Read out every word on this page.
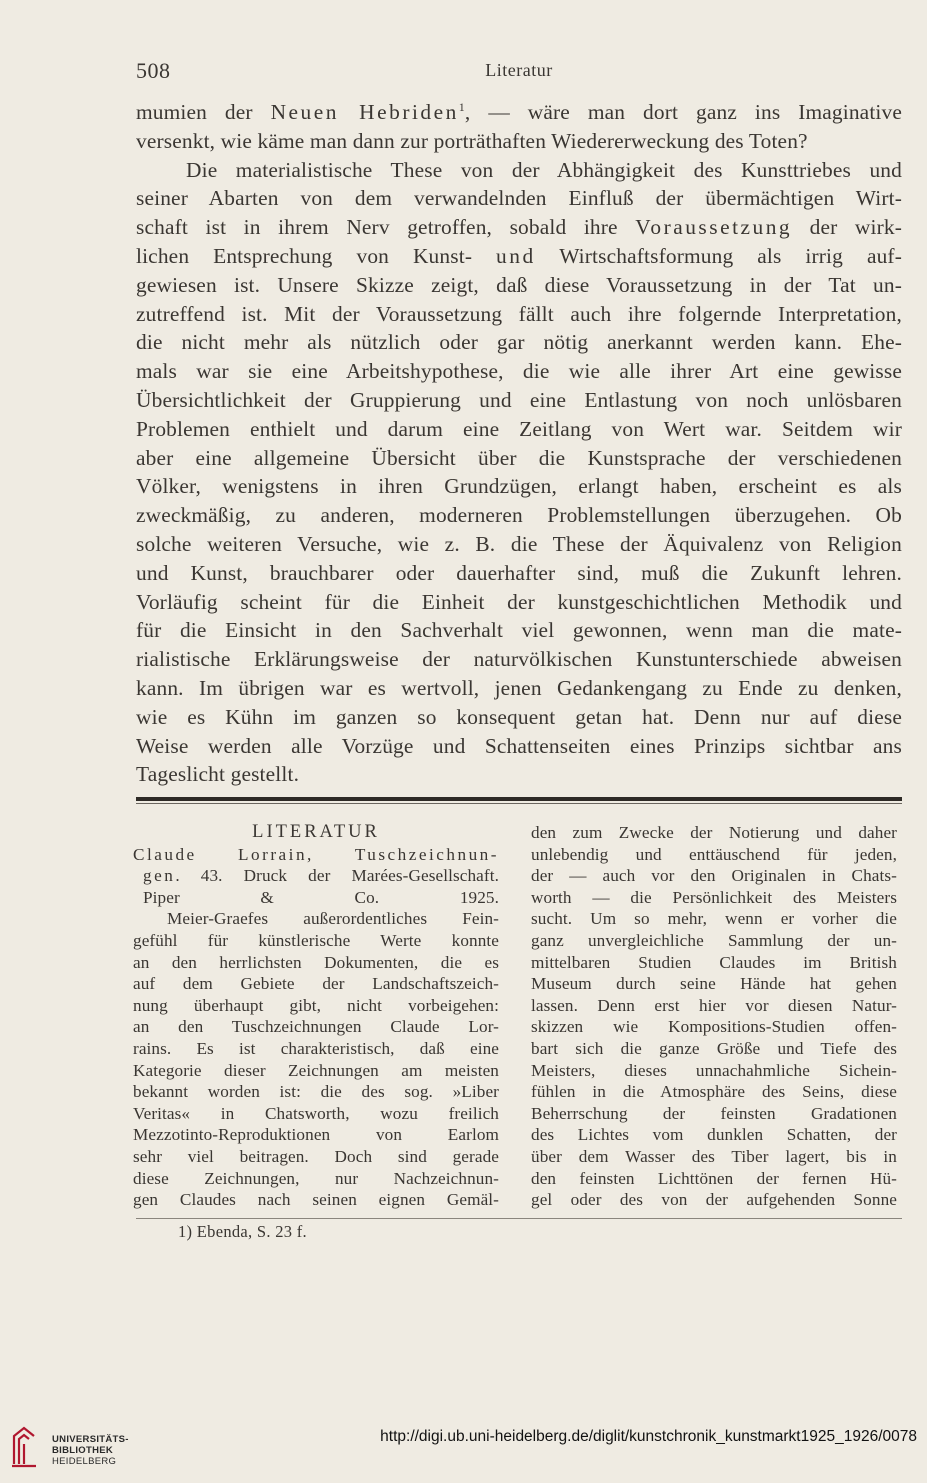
508	Literatur

mumien der Neuen Hebriden$^1$, — wäre man dort ganz ins Imaginative

versenkt, wie käme man dann zur porträthaften Wiedererweckung des Toten?

Die materialistische These von der Abhängigkeit des Kunsttriebes und

seiner Abarten von dem verwandelnden Einfluß der übermächtigen Wirt-

schaft ist in ihrem Nerv getroffen, sobald ihre Voraussetzung der wirk-

lichen Entsprechung von Kunst- und Wirtschaftsformung als irrig auf-

gewiesen ist. Unsere Skizze zeigt, daß diese Voraussetzung in der Tat un-

zutreffend ist. Mit der Voraussetzung fällt auch ihre folgernde Interpretation,

die nicht mehr als nützlich oder gar nötig anerkannt werden kann. Ehe-

mals war sie eine Arbeitshypothese, die wie alle ihrer Art eine gewisse

Übersichtlichkeit der Gruppierung und eine Entlastung von noch unlösbaren

Problemen enthielt und darum eine Zeitlang von Wert war. Seitdem wir

aber eine allgemeine Übersicht über die Kunstsprache der verschiedenen

Völker, wenigstens in ihren Grundzügen, erlangt haben, erscheint es als

zweckmäßig, zu anderen, moderneren Problemstellungen überzugehen. Ob

solche weiteren Versuche, wie z. B. die These der Äquivalenz von Religion

und Kunst, brauchbarer oder dauerhafter sind, muß die Zukunft lehren.

Vorläufig scheint für die Einheit der kunstgeschichtlichen Methodik und

für die Einsicht in den Sachverhalt viel gewonnen, wenn man die mate-

rialistische Erklärungsweise der naturvölkischen Kunstunterschiede abweisen

kann. Im übrigen war es wertvoll, jenen Gedankengang zu Ende zu denken,

wie es Kühn im ganzen so konsequent getan hat. Denn nur auf diese

Weise werden alle Vorzüge und Schattenseiten eines Prinzips sichtbar ans

Tageslicht gestellt.

LITERATUR

Claude Lorrain, Tuschzeichnun-

gen. 43. Druck der Marées-Gesellschaft.

Piper & Co. 1925.

Meier-Graefes außerordentliches Fein-

gefühl für künstlerische Werte konnte

an den herrlichsten Dokumenten, die es

auf dem Gebiete der Landschaftszeich-

nung überhaupt gibt, nicht vorbeigehen:

an den Tuschzeichnungen Claude Lor-

rains. Es ist charakteristisch, daß eine

Kategorie dieser Zeichnungen am meisten

bekannt worden ist: die des sog. »Liber

Veritas« in Chatsworth, wozu freilich

Mezzotinto-Reproduktionen von Earlom

sehr viel beitragen. Doch sind gerade

diese Zeichnungen, nur Nachzeichnun-

gen Claudes nach seinen eignen Gemäl-

den zum Zwecke der Notierung und daher

unlebendig und enttäuschend für jeden,

der — auch vor den Originalen in Chats-

worth — die Persönlichkeit des Meisters

sucht. Um so mehr, wenn er vorher die

ganz unvergleichliche Sammlung der un-

mittelbaren Studien Claudes im British

Museum durch seine Hände hat gehen

lassen. Denn erst hier vor diesen Natur-

skizzen wie Kompositions-Studien offen-

bart sich die ganze Größe und Tiefe des

Meisters, dieses unnachahmliche Sichein-

fühlen in die Atmosphäre des Seins, diese

Beherrschung der feinsten Gradationen

des Lichtes vom dunklen Schatten, der

über dem Wasser des Tiber lagert, bis in

den feinsten Lichttönen der fernen Hü-

gel oder des von der aufgehenden Sonne

1) Ebenda, S. 23 f.
UNIVERSITÄTS-
BIBLIOTHEK
HEIDELBERG
http://digi.ub.uni-heidelberg.de/diglit/kunstchronik_kunstmarkt1925_1926/0078
